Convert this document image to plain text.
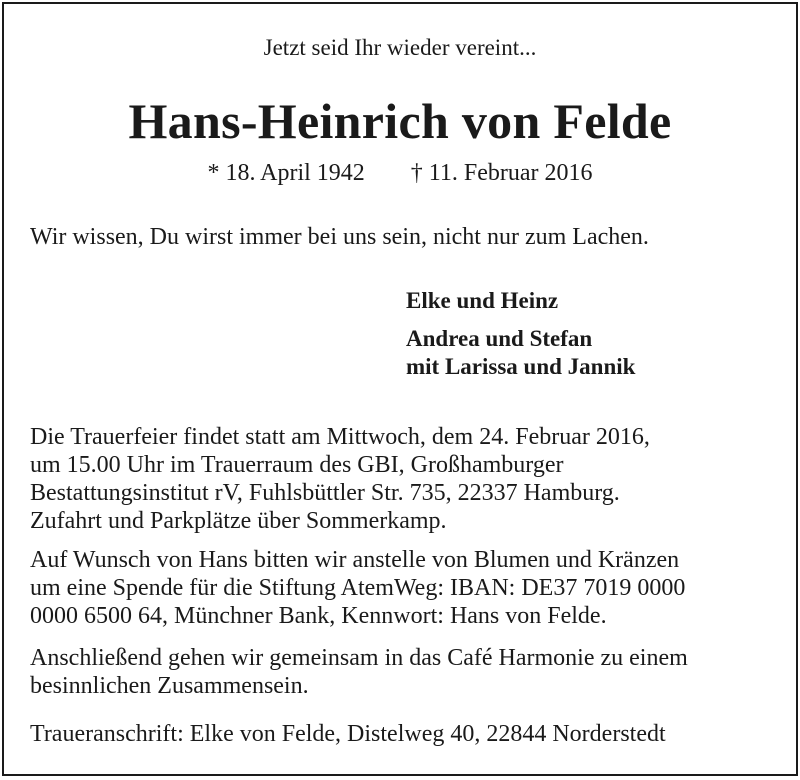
Jetzt seid Ihr wieder vereint...
Hans-Heinrich von Felde
* 18. April 1942 † 11. Februar 2016
Wir wissen, Du wirst immer bei uns sein, nicht nur zum Lachen.
Elke und Heinz
Andrea und Stefan
mit Larissa und Jannik
Die Trauerfeier findet statt am Mittwoch, dem 24. Februar 2016,
um 15.00 Uhr im Trauerraum des GBI, Großhamburger
Bestattungsinstitut rV, Fuhlsbüttler Str. 735, 22337 Hamburg.
Zufahrt und Parkplätze über Sommerkamp.
Auf Wunsch von Hans bitten wir anstelle von Blumen und Kränzen
um eine Spende für die Stiftung AtemWeg: IBAN: DE37 7019 0000
0000 6500 64, Münchner Bank, Kennwort: Hans von Felde.
Anschließend gehen wir gemeinsam in das Café Harmonie zu einem
besinnlichen Zusammensein.
Traueranschrift: Elke von Felde, Distelweg 40, 22844 Norderstedt
